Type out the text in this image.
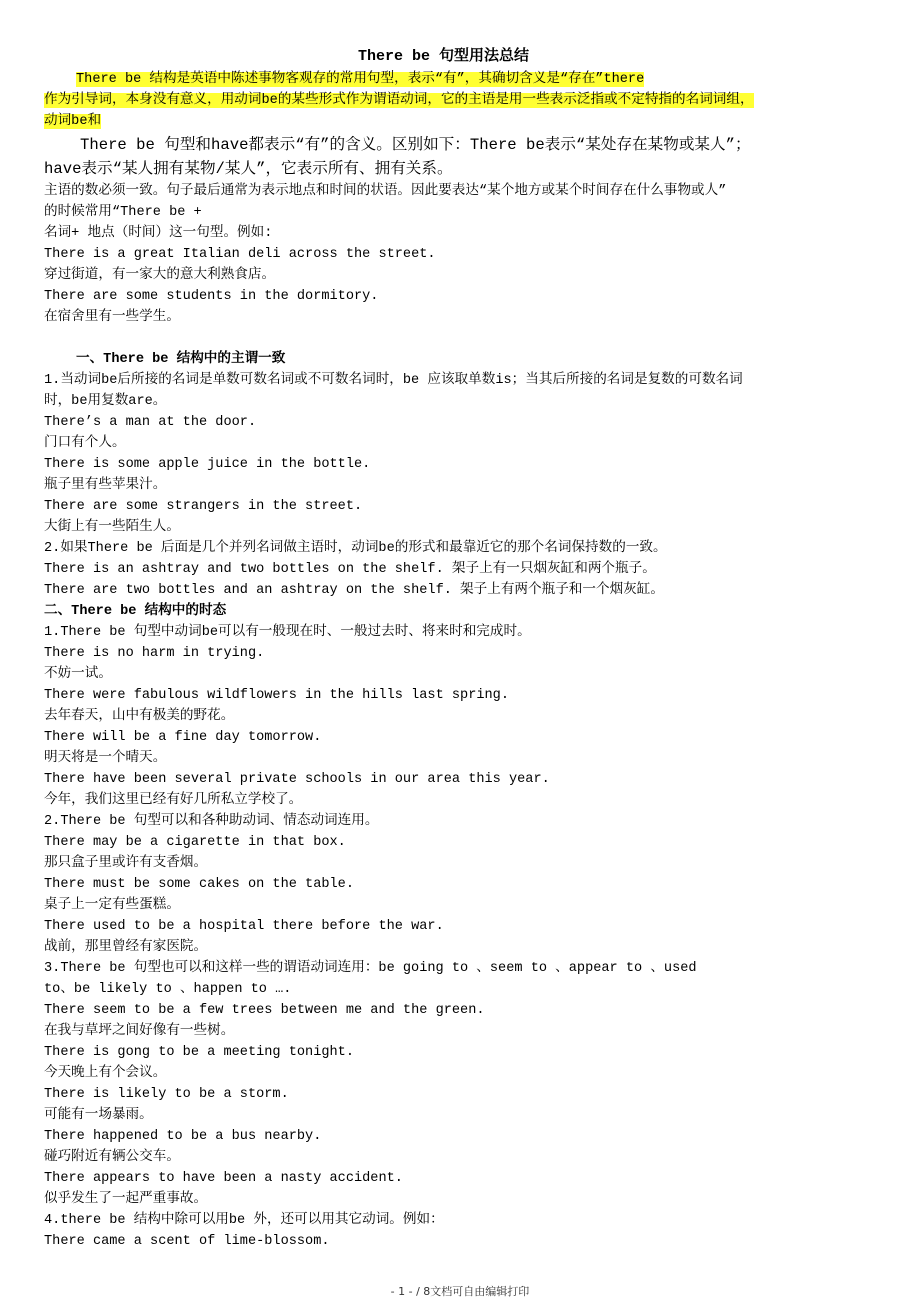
There be 句型用法总结
There be 结构是英语中陈述事物客观存的常用句型，表示“有”，其确切含义是“存在”there
作为引导词，本身没有意义，用动词be的某些形式作为谓语动词，它的主语是用一些表示泛指或不定特指的名词词组，
动词be和
There be 句型和have都表示“有”的含义。区别如下：There be表示“某处存在某物或某人”；
have表示“某人拥有某物/某人”，它表示所有、拥有关系。
主语的数必须一致。句子最后通常为表示地点和时间的状语。因此要表达“某个地方或某个时间存在什么事物或人”
的时候常用“There be +
名词+ 地点（时间）这一句型。例如:
There is a great Italian deli across the street.
穿过街道，有一家大的意大利熟食店。
There are some students in the dormitory.
在宿舍里有一些学生。
一、There be 结构中的主谓一致
1.当动词be后所接的名词是单数可数名词或不可数名词时，be 应该取单数is；当其后所接的名词是复数的可数名词
时，be用复数are。
There’s a man at the door.
门口有个人。
There is some apple juice in the bottle.
瓶子里有些苹果汁。
There are some strangers in the street.
大街上有一些陌生人。
2.如果There be 后面是几个并列名词做主语时，动词be的形式和最靠近它的那个名词保持数的一致。
There is an ashtray and two bottles on the shelf. 架子上有一只烟灰缸和两个瓶子。
There are two bottles and an ashtray on the shelf. 架子上有两个瓶子和一个烟灰缸。
二、There be 结构中的时态
1.There be 句型中动词be可以有一般现在时、一般过去时、将来时和完成时。
There is no harm in trying.
不妨一试。
There were fabulous wildflowers in the hills last spring.
去年春天，山中有极美的野花。
There will be a fine day tomorrow.
明天将是一个晴天。
There have been several private schools in our area this year.
今年，我们这里已经有好几所私立学校了。
2.There be 句型可以和各种助动词、情态动词连用。
There may be a cigarette in that box.
那只盒子里或许有支香烟。
There must be some cakes on the table.
桌子上一定有些蛋糕。
There used to be a hospital there before the war.
战前，那里曾经有家医院。
3.There be 句型也可以和这样一些的谓语动词连用：be going to 、seem to 、appear to 、used
to、be likely to 、happen to ….
There seem to be a few trees between me and the green.
在我与草坪之间好像有一些树。
There is gong to be a meeting tonight.
今天晚上有个会议。
There is likely to be a storm.
可能有一场暴雨。
There happened to be a bus nearby.
碰巧附近有辆公交车。
There appears to have been a nasty accident.
似乎发生了一起严重事故。
4.there be 结构中除可以用be 外，还可以用其它动词。例如：
There came a scent of lime-blossom.
- 1 - / 8文档可自由编辑打印
